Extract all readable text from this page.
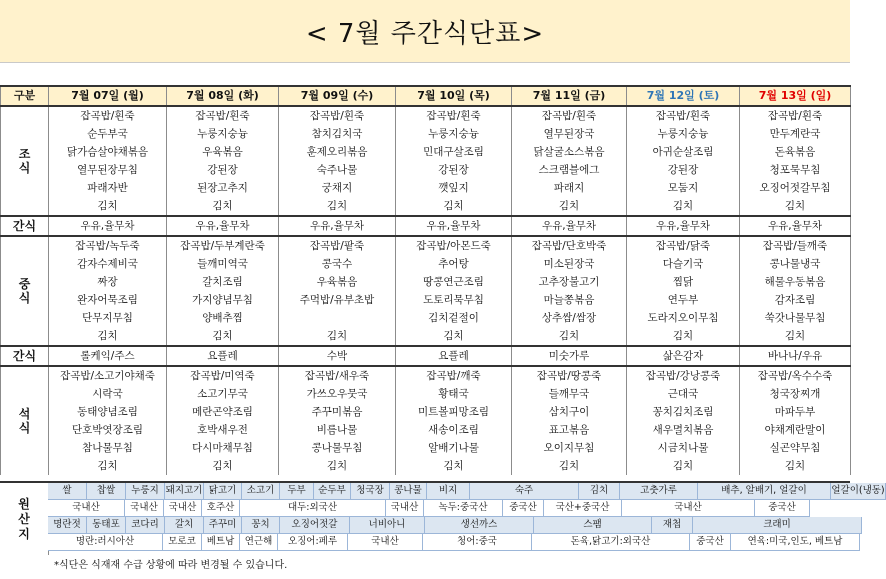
< 7월 주간식단표>
구분	7월 07일 (월)	7월 08일 (화)	7월 09일 (수)	7월 10일 (목)	7월 11일 (금)	7월 12일 (토)	7월 13일 (일)
조
식	잡곡밥/흰죽	잡곡밥/흰죽	잡곡밥/흰죽	잡곡밥/흰죽	잡곡밥/흰죽	잡곡밥/흰죽	잡곡밥/흰죽
	순두부국	누룽지숭늉	참치김치국	누룽지숭늉	열무된장국	누룽지숭늉	만두계란국
	닭가슴살야채볶음	우육볶음	훈제오리볶음	민대구살조림	닭살굴소스볶음	아귀순살조림	돈육볶음
	열무된장무침	강된장	숙주나물	강된장	스크램블에그	강된장	청포묵무침
	파래자반	된장고추지	궁채지	깻잎지	파래지	모둠지	오징어젓갈무침
	김치	김치	김치	김치	김치	김치	김치
간식	우유,율무차	우유,율무차	우유,율무차	우유,율무차	우유,율무차	우유,율무차	우유,율무차
중
식	잡곡밥/녹두죽	잡곡밥/두부계란죽	잡곡밥/팥죽	잡곡밥/아몬드죽	잡곡밥/단호박죽	잡곡밥/닭죽	잡곡밥/들깨죽
	감자수제비국	들깨미역국	콩국수	추어탕	미소된장국	다슬기국	콩나물냉국
	짜장	갈치조림	우육볶음	땅콩연근조림	고추장불고기	찜닭	해물우동볶음
	완자어묵조림	가지양념무침	주먹밥/유부초밥	도토리묵무침	마늘쫑볶음	연두부	감자조림
	단무지무침	양배추찜		김치겉절이	상추쌈/쌈장	도라지오이무침	쑥갓나물무침
	김치	김치	김치	김치	김치	김치	김치
간식	롤케익/주스	요플레	수박	요플레	미숫가루	삶은감자	바나나/우유
석
식	잡곡밥/소고기야채죽	잡곡밥/미역죽	잡곡밥/새우죽	잡곡밥/깨죽	잡곡밥/땅콩죽	잡곡밥/강낭콩죽	잡곡밥/옥수수죽
	시락국	소고기무국	가쓰오우뭇국	황태국	들깨무국	근대국	청국장찌개
	동태양념조림	메란곤약조림	주꾸미볶음	미트볼피망조림	삼치구이	꽁치김치조림	마파두부
	단호박엿장조림	호박새우전	비름나물	새송이조림	표고볶음	새우멸치볶음	야채계란말이
	참나물무침	다시마채무침	콩나물무침	알배기나물	오이지무침	시금치나물	실곤약무침
	김치	김치	김치	김치	김치	김치	김치
원
산
지
쌀	찹쌀	누룽지 돼지고기 닭고기	소고기	두부	순두부	청국장	콩나물	비지	숙주	김치	고춧가루	배추, 알배기, 얼갈이	얼갈이(냉동)
국내산	국내산	국내산	호주산	대두:외국산	국내산	녹두:중국산	중국산	국산+중국산	국내산	중국산
명란젓	동태포	코다리	갈치	주꾸미	꽁치	오징어젓갈	너비아니	생선까스	스팸	재첩	크래미
명란:러시아산	모로코	베트남	연근해	오징어:페루	국내산	청어:중국	돈육,닭고기:외국산	중국산	연육:미국,인도, 베트남
*식단은 식재재 수급 상황에 따라 변경될 수 있습니다.
